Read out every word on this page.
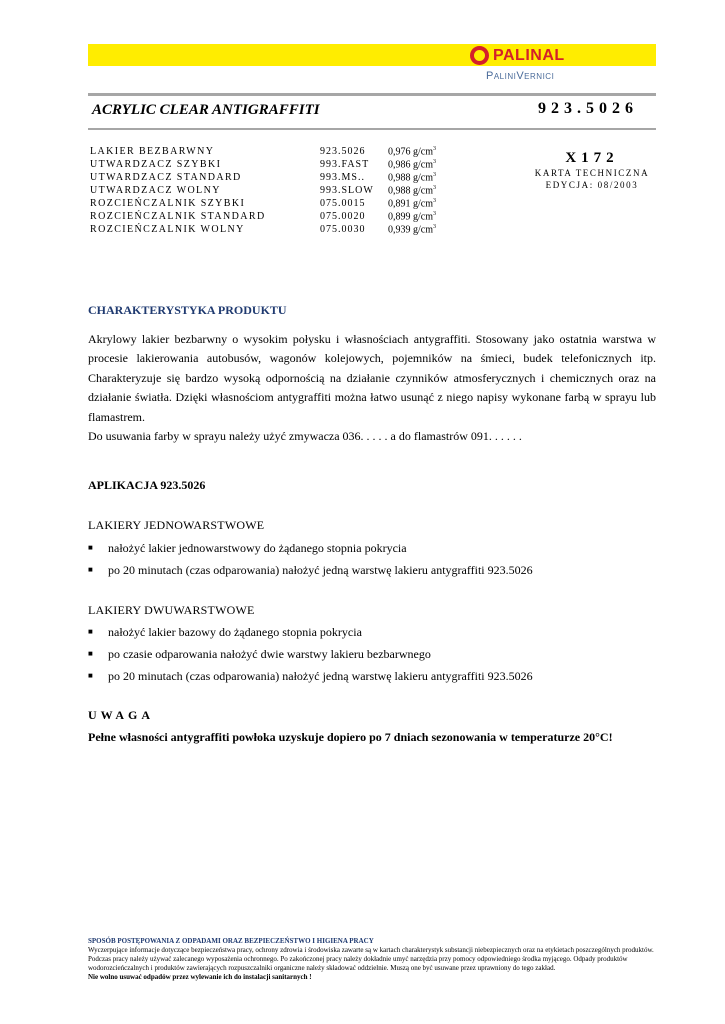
PALINAL
PaliniVernici
ACRYLIC CLEAR ANTIGRAFFITI	923.5026
LAKIER BEZBARWNY	923.5026	0,976 $g/cm^3$
UTWARDZACZ SZYBKI	993.FAST	0,986 $g/cm^3$
UTWARDZACZ STANDARD	993.MS..	0,988 $g/cm^3$
UTWARDZACZ WOLNY	993.SLOW	0,988 $g/cm^3$
ROZCIEŃCZALNIK SZYBKI	075.0015	0,891 $g/cm^3$
ROZCIEŃCZALNIK STANDARD	075.0020	0,899 $g/cm^3$
ROZCIEŃCZALNIK WOLNY	075.0030	0,939 $g/cm^3$
X172
KARTA TECHNICZNA
EDYCJA: 08/2003
CHARAKTERYSTYKA PRODUKTU

Akrylowy lakier bezbarwny o wysokim połysku i własnościach antygraffiti. Stosowany jako ostatnia warstwa w procesie lakierowania autobusów, wagonów kolejowych, pojemników na śmieci, budek telefonicznych itp. Charakteryzuje się bardzo wysoką odpornością na działanie czynników atmosferycznych i chemicznych oraz na działanie światła. Dzięki własnościom antygraffiti można łatwo usunąć z niego napisy wykonane farbą w sprayu lub flamastrem.

Do usuwania farby w sprayu należy użyć zmywacza 036. . . . . a do flamastrów 091. . . . . .

APLIKACJA 923.5026
LAKIERY JEDNOWARSTWOWE
■	nałożyć lakier jednowarstwowy do żądanego stopnia pokrycia
■	po 20 minutach (czas odparowania) nałożyć jedną warstwę lakieru antygraffiti 923.5026
LAKIERY DWUWARSTWOWE
■	nałożyć lakier bazowy do żądanego stopnia pokrycia
■	po czasie odparowania nałożyć dwie warstwy lakieru bezbarwnego
■	po 20 minutach (czas odparowania) nałożyć jedną warstwę lakieru antygraffiti 923.5026
UWAGA
Pełne własności antygraffiti powłoka uzyskuje dopiero po 7 dniach sezonowania w temperaturze 20°C!
SPOSÓB POSTĘPOWANIA Z ODPADAMI ORAZ BEZPIECZEŃSTWO I HIGIENA PRACY
Wyczerpujące informacje dotyczące bezpieczeństwa pracy, ochrony zdrowia i środowiska zawarte są w kartach charakterystyk substancji niebezpiecznych oraz na etykietach poszczególnych produktów. Podczas pracy należy używać zalecanego wyposażenia ochronnego. Po zakończonej pracy należy dokładnie umyć narzędzia przy pomocy odpowiedniego środka myjącego. Odpady produktów wodorozcieńczalnych i produktów zawierających rozpuszczalniki organiczne należy składować oddzielnie. Muszą one być usuwane przez uprawniony do tego zakład.
Nie wolno usuwać odpadów przez wylewanie ich do instalacji sanitarnych !
